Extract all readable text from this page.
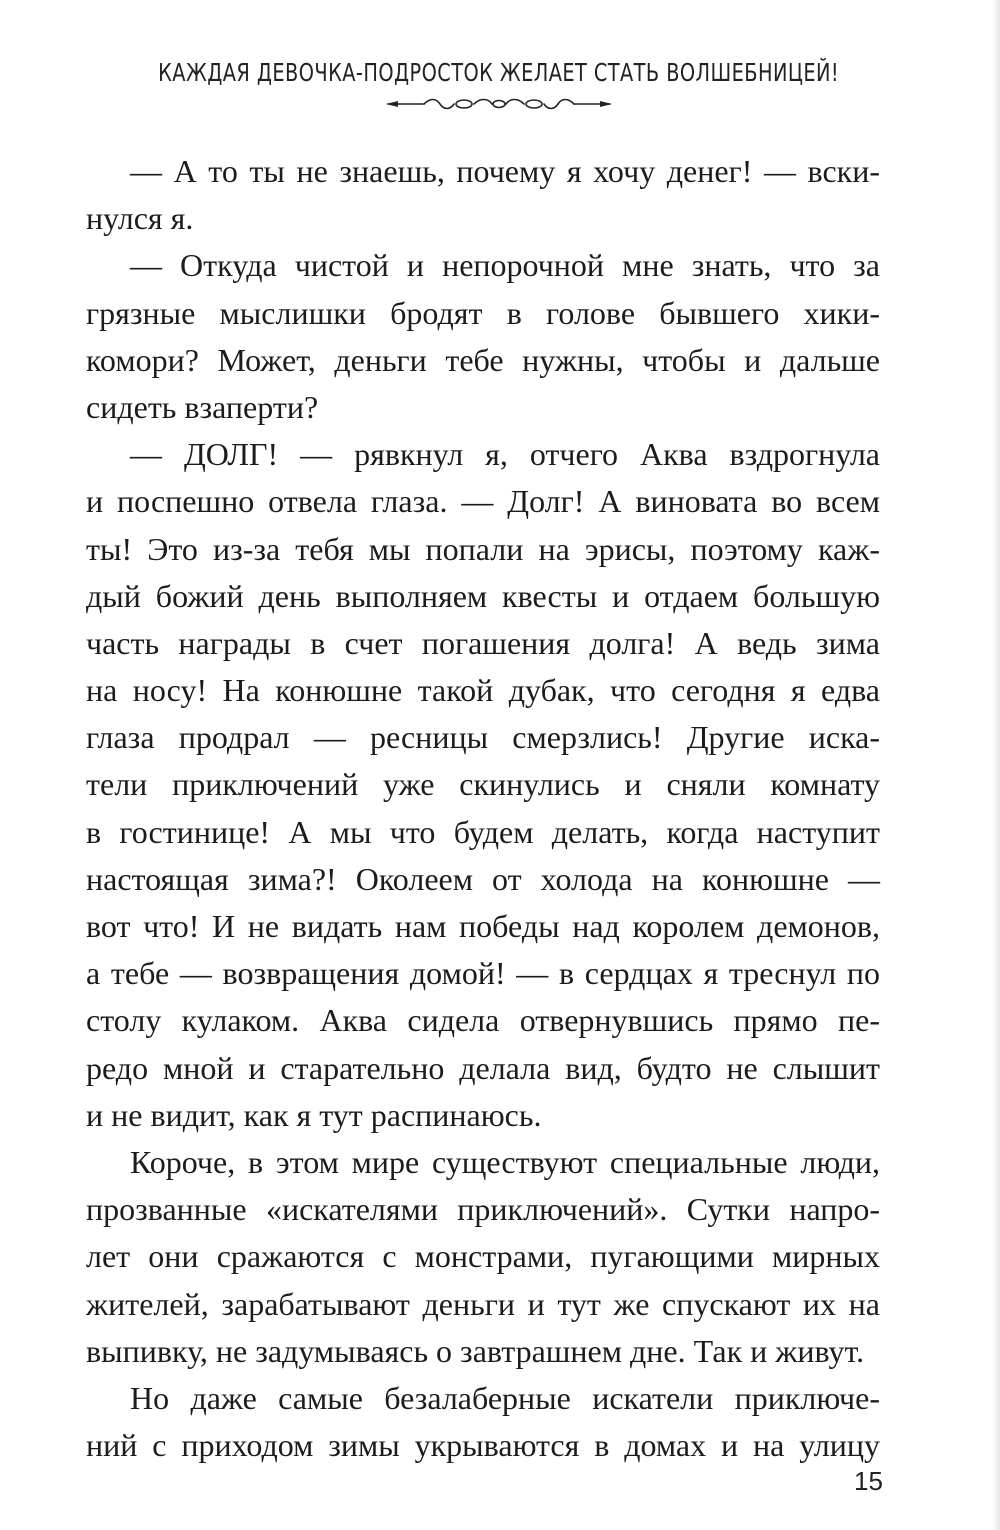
КАЖДАЯ ДЕВОЧКА-ПОДРОСТОК ЖЕЛАЕТ СТАТЬ ВОЛШЕБНИЦЕЙ!
— А то ты не знаешь, почему я хочу денег! — вски-
нулся я.
— Откуда чистой и непорочной мне знать, что за
грязные мыслишки бродят в голове бывшего хики-
комори? Может, деньги тебе нужны, чтобы и дальше
сидеть взаперти?
— ДОЛГ! — рявкнул я, отчего Аква вздрогнула
и поспешно отвела глаза. — Долг! А виновата во всем
ты! Это из-за тебя мы попали на эрисы, поэтому каж-
дый божий день выполняем квесты и отдаем большую
часть награды в счет погашения долга! А ведь зима
на носу! На конюшне такой дубак, что сегодня я едва
глаза продрал — ресницы смерзлись! Другие иска-
тели приключений уже скинулись и сняли комнату
в гостинице! А мы что будем делать, когда наступит
настоящая зима?! Околеем от холода на конюшне —
вот что! И не видать нам победы над королем демонов,
а тебе — возвращения домой! — в сердцах я треснул по
столу кулаком. Аква сидела отвернувшись прямо пе-
редо мной и старательно делала вид, будто не слышит
и не видит, как я тут распинаюсь.
Короче, в этом мире существуют специальные люди,
прозванные «искателями приключений». Сутки напро-
лет они сражаются с монстрами, пугающими мирных
жителей, зарабатывают деньги и тут же спускают их на
выпивку, не задумываясь о завтрашнем дне. Так и живут.
Но даже самые безалаберные искатели приключе-
ний с приходом зимы укрываются в домах и на улицу
15
